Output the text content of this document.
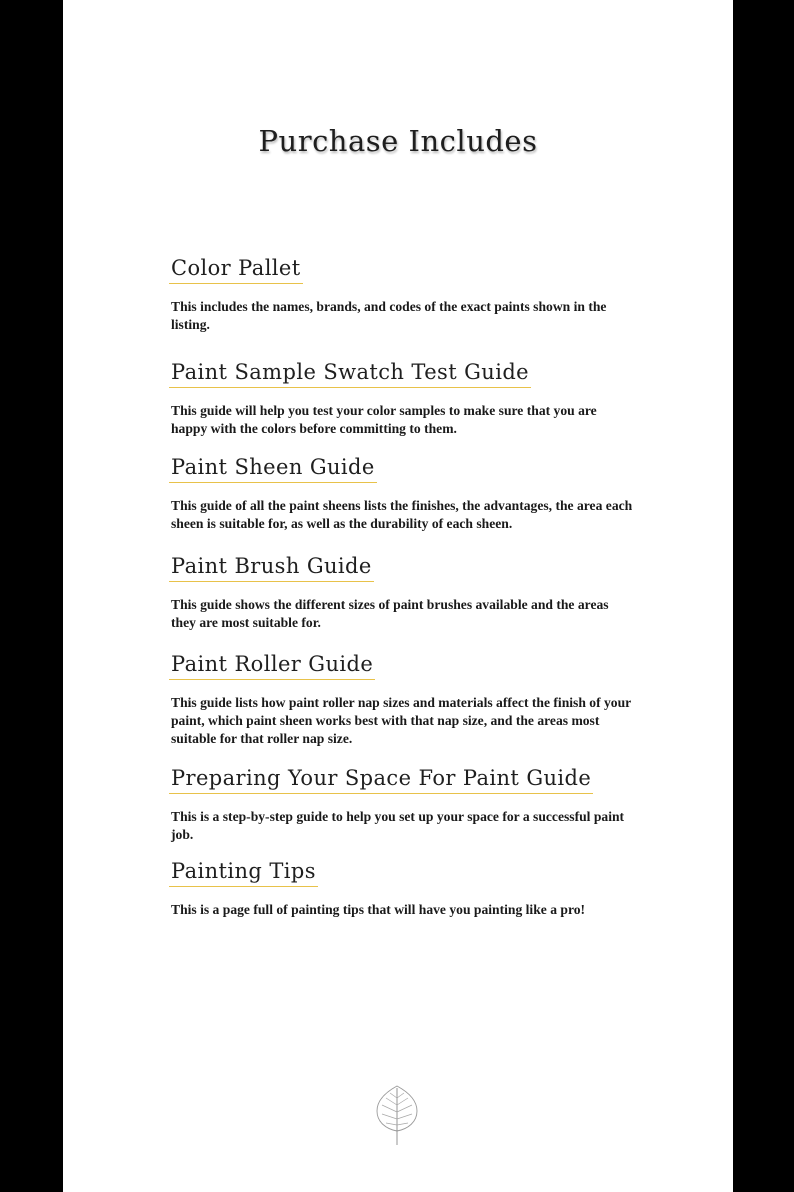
Purchase Includes
Color Pallet

This includes the names, brands, and codes of the exact paints shown in the listing.

Paint Sample Swatch Test Guide

This guide will help you test your color samples to make sure that you are happy with the colors before committing to them.

Paint Sheen Guide

This guide of all the paint sheens lists the finishes, the advantages, the area each sheen is suitable for, as well as the durability of each sheen.

Paint Brush Guide

This guide shows the different sizes of paint brushes available and the areas they are most suitable for.

Paint Roller Guide

This guide lists how paint roller nap sizes and materials affect the finish of your paint, which paint sheen works best with that nap size, and the areas most suitable for that roller nap size.

Preparing Your Space For Paint Guide

This is a step-by-step guide to help you set up your space for a successful paint job.

Painting Tips

This is a page full of painting tips that will have you painting like a pro!
